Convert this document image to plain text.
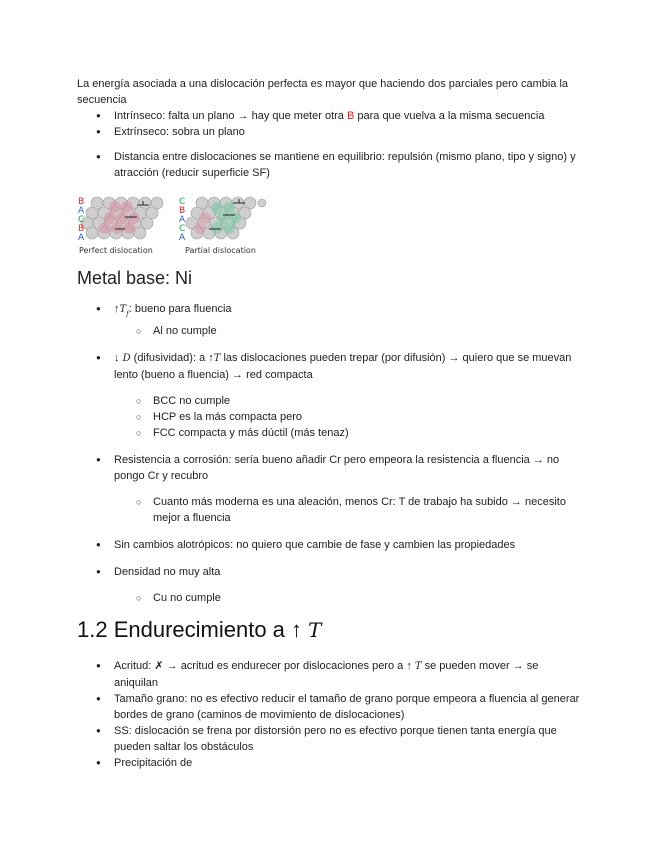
La energía asociada a una dislocación perfecta es mayor que haciendo dos parciales pero cambia la secuencia

● Intrínseco: falta un plano → hay que meter otra B para que vuelva a la misma secuencia
● Extrínseco: sobra un plano
● Distancia entre dislocaciones se mantiene en equilibrio: repulsión (mismo plano, tipo y signo) y atracción (reducir superficie SF)
B
A
C
B
A
Perfect dislocation
C
B
A
C
A
Partial dislocation
Metal base: Ni
● $↑T_f$: bueno para fluencia
○ Al no cumple
● ↓ D (difusividad): a ↑T las dislocaciones pueden trepar (por difusión) → quiero que se muevan lento (bueno a fluencia) → red compacta
○ BCC no cumple
○ HCP es la más compacta pero
○ FCC compacta y más dúctil (más tenaz)
● Resistencia a corrosión: sería bueno añadir Cr pero empeora la resistencia a fluencia → no pongo Cr y recubro
○ Cuanto más moderna es una aleación, menos Cr: T de trabajo ha subido → necesito mejor a fluencia
● Sin cambios alotrópicos: no quiero que cambie de fase y cambien las propiedades
● Densidad no muy alta
○ Cu no cumple
1.2 Endurecimiento a ↑ T
● Acritud: ✗ → acritud es endurecer por dislocaciones pero a ↑ T se pueden mover → se aniquilan
● Tamaño grano: no es efectivo reducir el tamaño de grano porque empeora a fluencia al generar bordes de grano (caminos de movimiento de dislocaciones)
● SS: dislocación se frena por distorsión pero no es efectivo porque tienen tanta energía que pueden saltar los obstáculos
● Precipitación de
